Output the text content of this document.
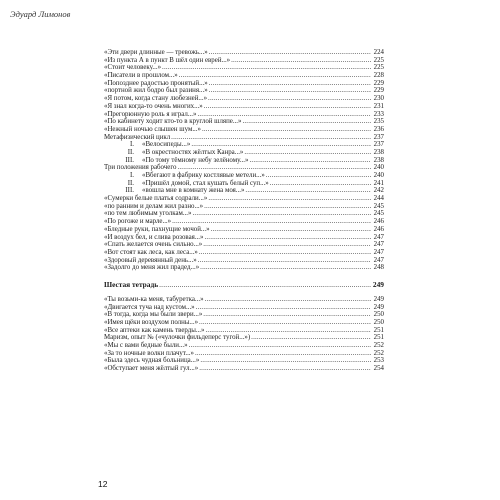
Эдуард Лимонов
«Эти двери длинные — тревожь...» .....	224
«Из пункта А в пункт В шёл один еврей...» .....	225
«Стоит человеку...» .....	225
«Писатели в прошлом...» .....	228
«Попозднее радостью пронятый...» .....	229
«портной жил бодро был разиня...» .....	229
«Я потом, когда стану любезней...» .....	230
«Я знал когда-то очень многих...» .....	231
«Прегорюнную роль я играл...» .....	233
«По кабинету ходит кто-то в круглой шляпе...» .....	235
«Нежный ночью слышен шум...» .....	236
Метафизический цикл .....	237
I. «Велосипеды...» .....	237
II. «В окрестностях жёлтых Канра...» .....	238
III. «По тому тёмному небу зелёному...» .....	238
Три положения рабочего .....	240
I. «Вбегают в фабрику костлявые метели...» .....	240
II. «Пришёл домой, стал кушать белый суп...» .....	241
III. «вошла мне в комнату жена моя...» .....	242
«Сумерки белые платья содрали...» .....	244
«по ранним и делам жил разно...» .....	245
«по тем любимым уголкам...» .....	245
«По рогоже и марле...» .....	246
«Бледные руки, пахнущие мочой...» .....	246
«И воздух бел, и слива розовая...» .....	247
«Спать желается очень сильно...» .....	247
«Вот стоят как леса, как леса...» .....	247
«Здоровый деревянный день...» .....	247
«Задолго до меня жил прадед...» .....	248
Шестая тетрадь .....	249
«Ты возьми-ка меня, табуретка...» .....	249
«Двигается туча над кустом...» .....	249
«В тогда, когда мы были звери...» .....	250
«Имея щёки воздухом полны...» .....	250
«Все аптеки как камень тверды...» .....	251
Маризм, опыт № («чулочки фильдеперс тугой...») .....	251
«Мы с вами бедные были...» .....	252
«За то ночные волки плачут...» .....	252
«Была здесь чудная больница...» .....	253
«Обступает меня жёлтый гул...» .....	254
12
